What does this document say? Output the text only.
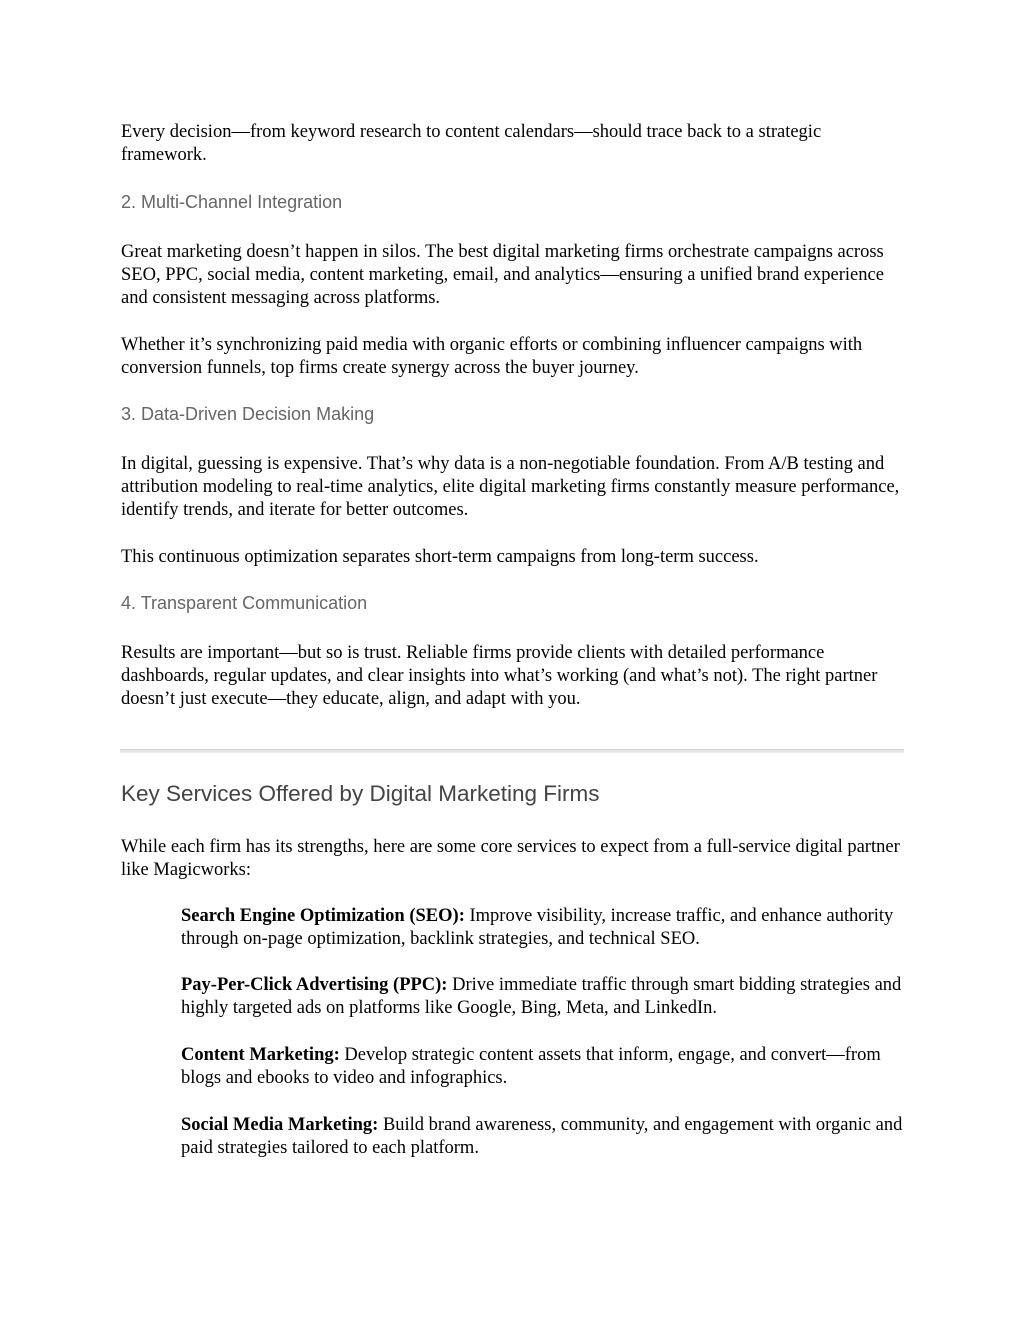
Every decision—from keyword research to content calendars—should trace back to a strategic framework.

2. Multi-Channel Integration

Great marketing doesn’t happen in silos. The best digital marketing firms orchestrate campaigns across SEO, PPC, social media, content marketing, email, and analytics—ensuring a unified brand experience and consistent messaging across platforms.

Whether it’s synchronizing paid media with organic efforts or combining influencer campaigns with conversion funnels, top firms create synergy across the buyer journey.

3. Data-Driven Decision Making

In digital, guessing is expensive. That’s why data is a non-negotiable foundation. From A/B testing and attribution modeling to real-time analytics, elite digital marketing firms constantly measure performance, identify trends, and iterate for better outcomes.

This continuous optimization separates short-term campaigns from long-term success.

4. Transparent Communication

Results are important—but so is trust. Reliable firms provide clients with detailed performance dashboards, regular updates, and clear insights into what’s working (and what’s not). The right partner doesn’t just execute—they educate, align, and adapt with you.

Key Services Offered by Digital Marketing Firms

While each firm has its strengths, here are some core services to expect from a full-service digital partner like Magicworks:

Search Engine Optimization (SEO): Improve visibility, increase traffic, and enhance authority through on-page optimization, backlink strategies, and technical SEO.

Pay-Per-Click Advertising (PPC): Drive immediate traffic through smart bidding strategies and highly targeted ads on platforms like Google, Bing, Meta, and LinkedIn.

Content Marketing: Develop strategic content assets that inform, engage, and convert—from blogs and ebooks to video and infographics.

Social Media Marketing: Build brand awareness, community, and engagement with organic and paid strategies tailored to each platform.
